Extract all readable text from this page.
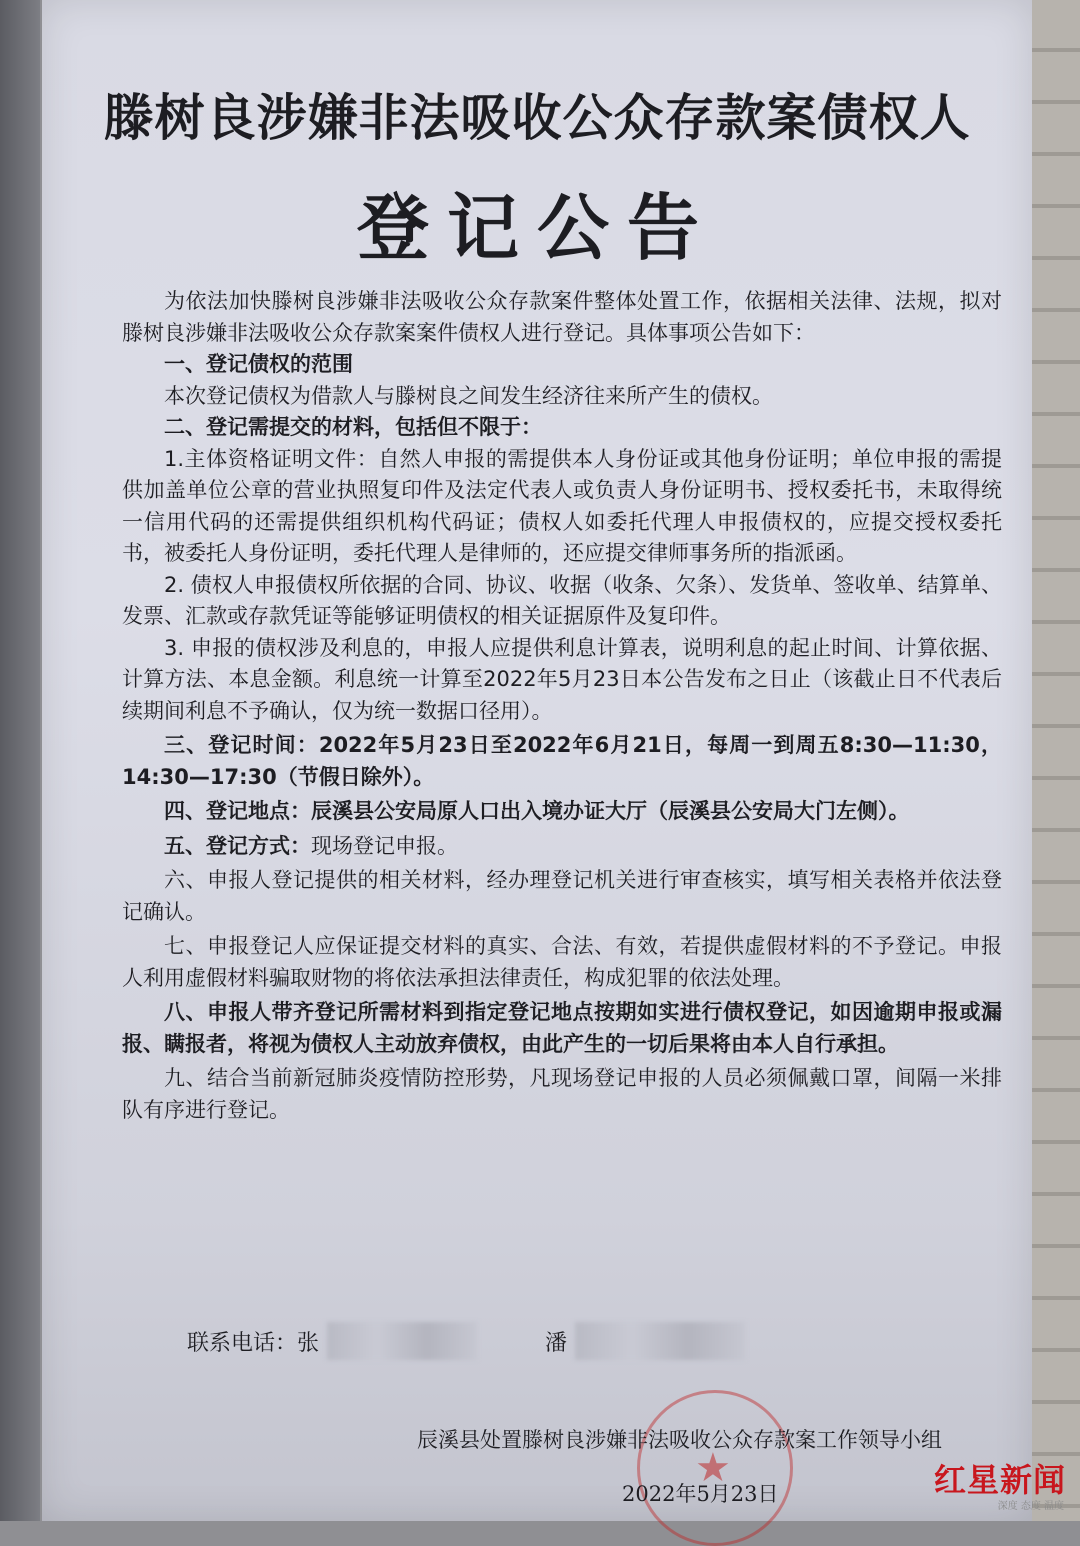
滕树良涉嫌非法吸收公众存款案债权人
登记公告

为依法加快滕树良涉嫌非法吸收公众存款案件整体处置工作，依据相关法律、法规，拟对滕树良涉嫌非法吸收公众存款案案件债权人进行登记。具体事项公告如下：

一、登记债权的范围

本次登记债权为借款人与滕树良之间发生经济往来所产生的债权。

二、登记需提交的材料，包括但不限于：

1.主体资格证明文件：自然人申报的需提供本人身份证或其他身份证明；单位申报的需提供加盖单位公章的营业执照复印件及法定代表人或负责人身份证明书、授权委托书，未取得统一信用代码的还需提供组织机构代码证；债权人如委托代理人申报债权的，应提交授权委托书，被委托人身份证明，委托代理人是律师的，还应提交律师事务所的指派函。

2. 债权人申报债权所依据的合同、协议、收据（收条、欠条）、发货单、签收单、结算单、发票、汇款或存款凭证等能够证明债权的相关证据原件及复印件。

3. 申报的债权涉及利息的，申报人应提供利息计算表，说明利息的起止时间、计算依据、计算方法、本息金额。利息统一计算至2022年5月23日本公告发布之日止（该截止日不代表后续期间利息不予确认，仅为统一数据口径用）。

三、登记时间：2022年5月23日至2022年6月21日，每周一到周五8:30—11:30，14:30—17:30（节假日除外）。

四、登记地点：辰溪县公安局原人口出入境办证大厅（辰溪县公安局大门左侧）。

五、登记方式：现场登记申报。

六、申报人登记提供的相关材料，经办理登记机关进行审查核实，填写相关表格并依法登记确认。

七、申报登记人应保证提交材料的真实、合法、有效，若提供虚假材料的不予登记。申报人利用虚假材料骗取财物的将依法承担法律责任，构成犯罪的依法处理。

八、申报人带齐登记所需材料到指定登记地点按期如实进行债权登记，如因逾期申报或漏报、瞒报者，将视为债权人主动放弃债权，由此产生的一切后果将由本人自行承担。

九、结合当前新冠肺炎疫情防控形势，凡现场登记申报的人员必须佩戴口罩，间隔一米排队有序进行登记。

联系电话：张	潘
★
辰溪县处置滕树良涉嫌非法吸收公众存款案工作领导小组
2022年5月23日	红星新闻
深度 态度 温度
